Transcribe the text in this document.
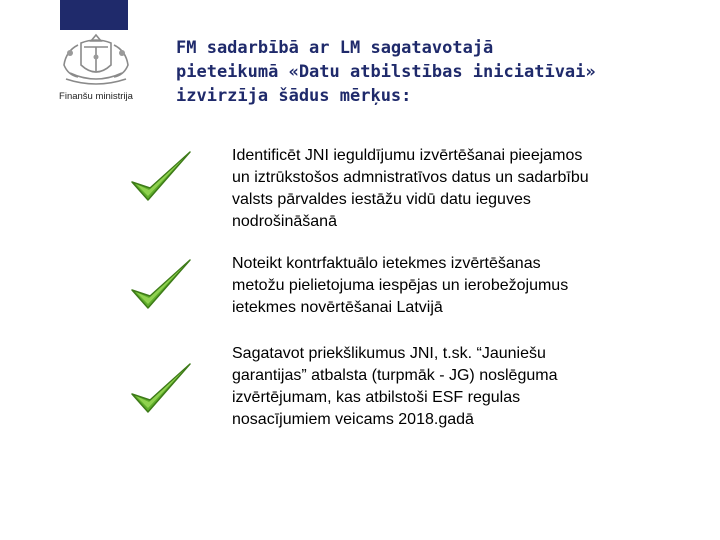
Finanšu ministrija
FM sadarbībā ar LM sagatavotajā
pieteikumā «Datu atbilstības iniciatīvai»
izvirzīja šādus mērķus:
Identificēt JNI ieguldījumu izvērtēšanai pieejamos un iztrūkstošos admnistratīvos datus un sadarbību valsts pārvaldes iestāžu vidū datu ieguves nodrošināšanā
Noteikt kontrfaktuālo ietekmes izvērtēšanas metožu pielietojuma iespējas un ierobežojumus ietekmes novērtēšanai Latvijā
Sagatavot priekšlikumus JNI, t.sk. “Jauniešu garantijas” atbalsta (turpmāk - JG) noslēguma izvērtējumam, kas atbilstoši ESF regulas nosacījumiem veicams 2018.gadā
